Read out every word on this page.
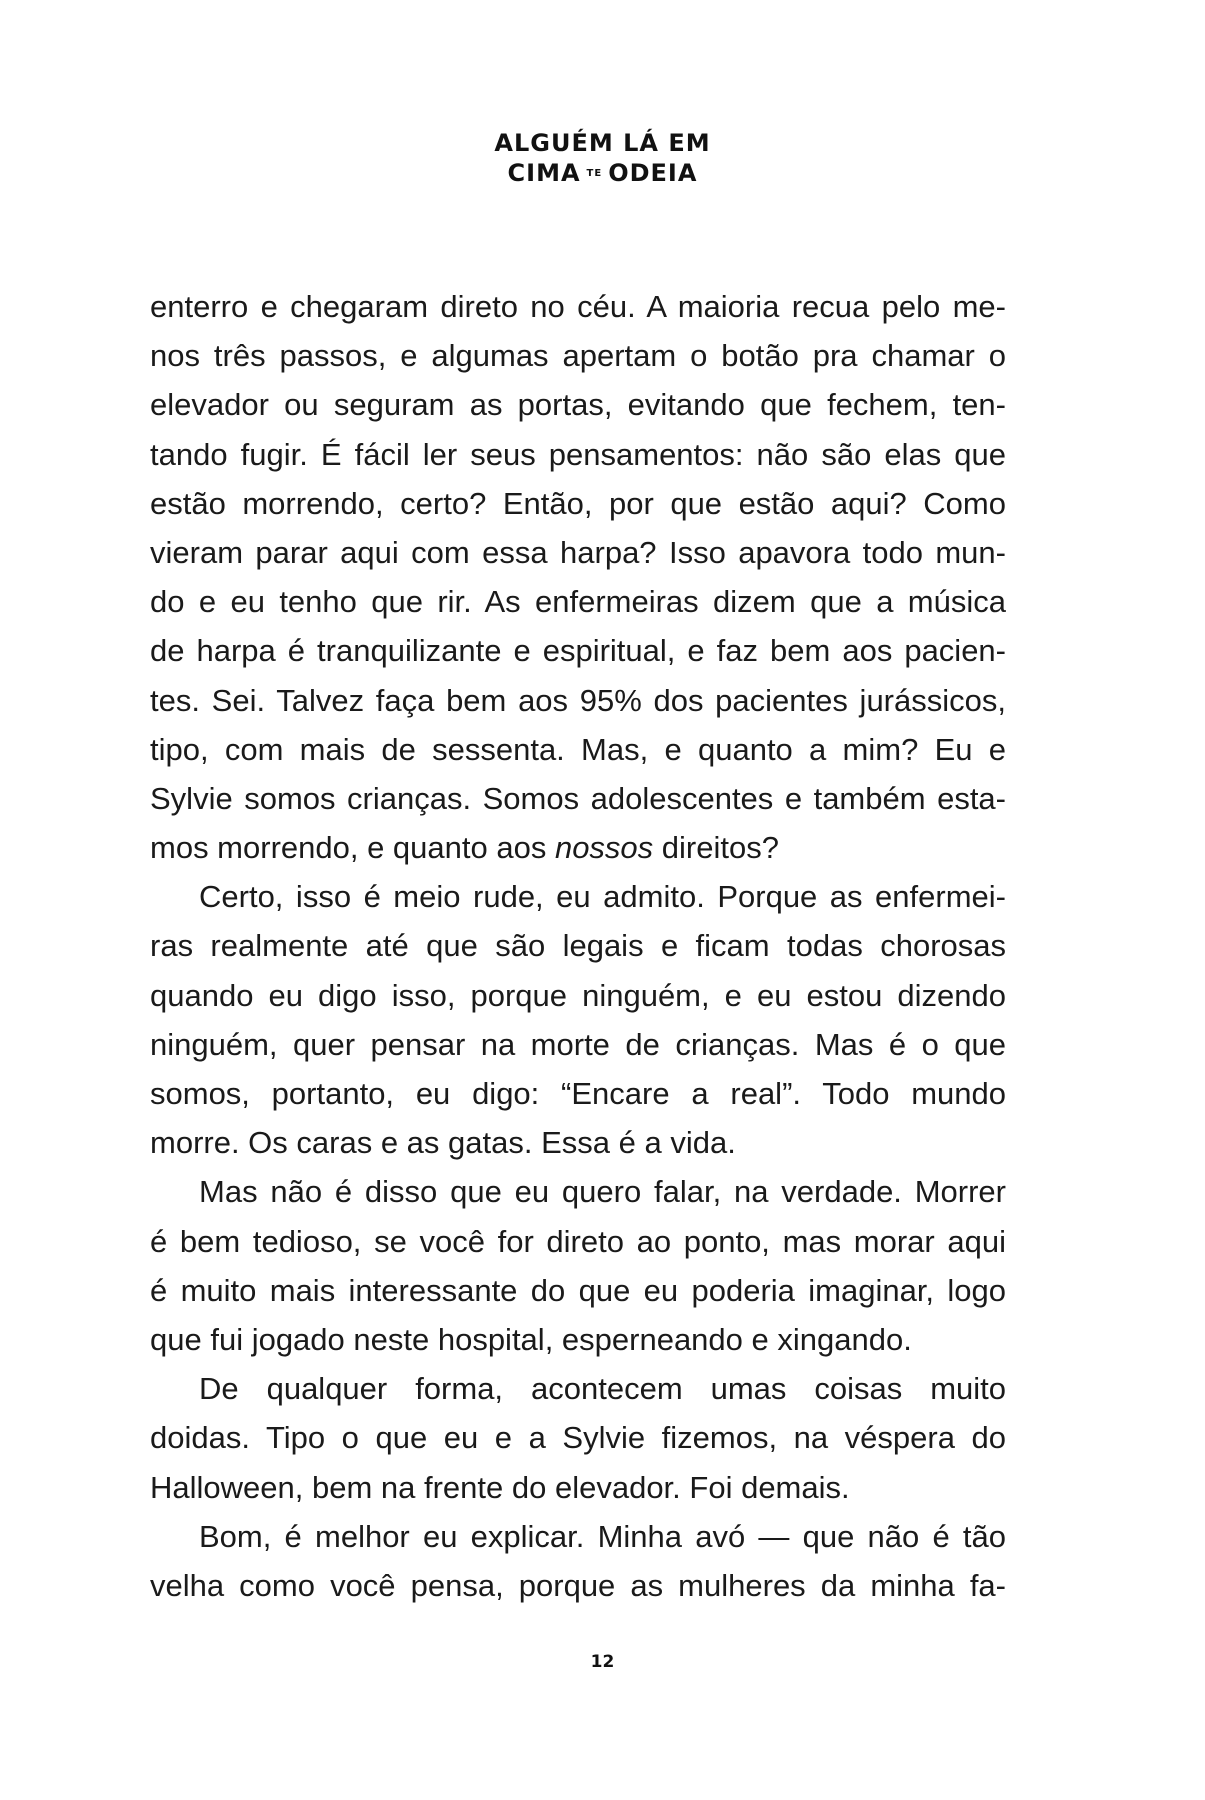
ALGUÉM LÁ EM
CIMA TE ODEIA
enterro e chegaram direto no céu. A maioria recua pelo me-
nos três passos, e algumas apertam o botão pra chamar o
elevador ou seguram as portas, evitando que fechem, ten-
tando fugir. É fácil ler seus pensamentos: não são elas que
estão morrendo, certo? Então, por que estão aqui? Como
vieram parar aqui com essa harpa? Isso apavora todo mun-
do e eu tenho que rir. As enfermeiras dizem que a música
de harpa é tranquilizante e espiritual, e faz bem aos pacien-
tes. Sei. Talvez faça bem aos 95% dos pacientes jurássicos,
tipo, com mais de sessenta. Mas, e quanto a mim? Eu e
Sylvie somos crianças. Somos adolescentes e também esta-
mos morrendo, e quanto aos nossos direitos?
Certo, isso é meio rude, eu admito. Porque as enfermei-
ras realmente até que são legais e ficam todas chorosas
quando eu digo isso, porque ninguém, e eu estou dizendo
ninguém, quer pensar na morte de crianças. Mas é o que
somos, portanto, eu digo: “Encare a real”. Todo mundo
morre. Os caras e as gatas. Essa é a vida.
Mas não é disso que eu quero falar, na verdade. Morrer
é bem tedioso, se você for direto ao ponto, mas morar aqui
é muito mais interessante do que eu poderia imaginar, logo
que fui jogado neste hospital, esperneando e xingando.
De qualquer forma, acontecem umas coisas muito
doidas. Tipo o que eu e a Sylvie fizemos, na véspera do
Halloween, bem na frente do elevador. Foi demais.
Bom, é melhor eu explicar. Minha avó — que não é tão
velha como você pensa, porque as mulheres da minha fa-
12
